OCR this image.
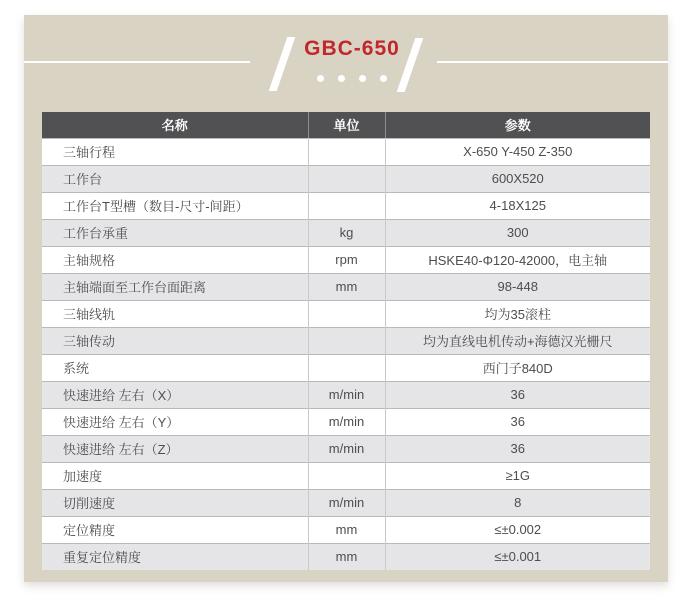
GBC-650
名称	单位	参数
三轴行程		X-650 Y-450 Z-350
工作台		600X520
工作台T型槽（数目-尺寸-间距）		4-18X125
工作台承重	kg	300
主轴规格	rpm	HSKE40-Φ120-42000，电主轴
主轴端面至工作台面距离	mm	98-448
三轴线轨		均为35滚柱
三轴传动		均为直线电机传动+海德汉光栅尺
系统		西门子840D
快速进给 左右（X）	m/min	36
快速进给 左右（Y）	m/min	36
快速进给 左右（Z）	m/min	36
加速度		≥1G
切削速度	m/min	8
定位精度	mm	≤±0.002
重复定位精度	mm	≤±0.001
